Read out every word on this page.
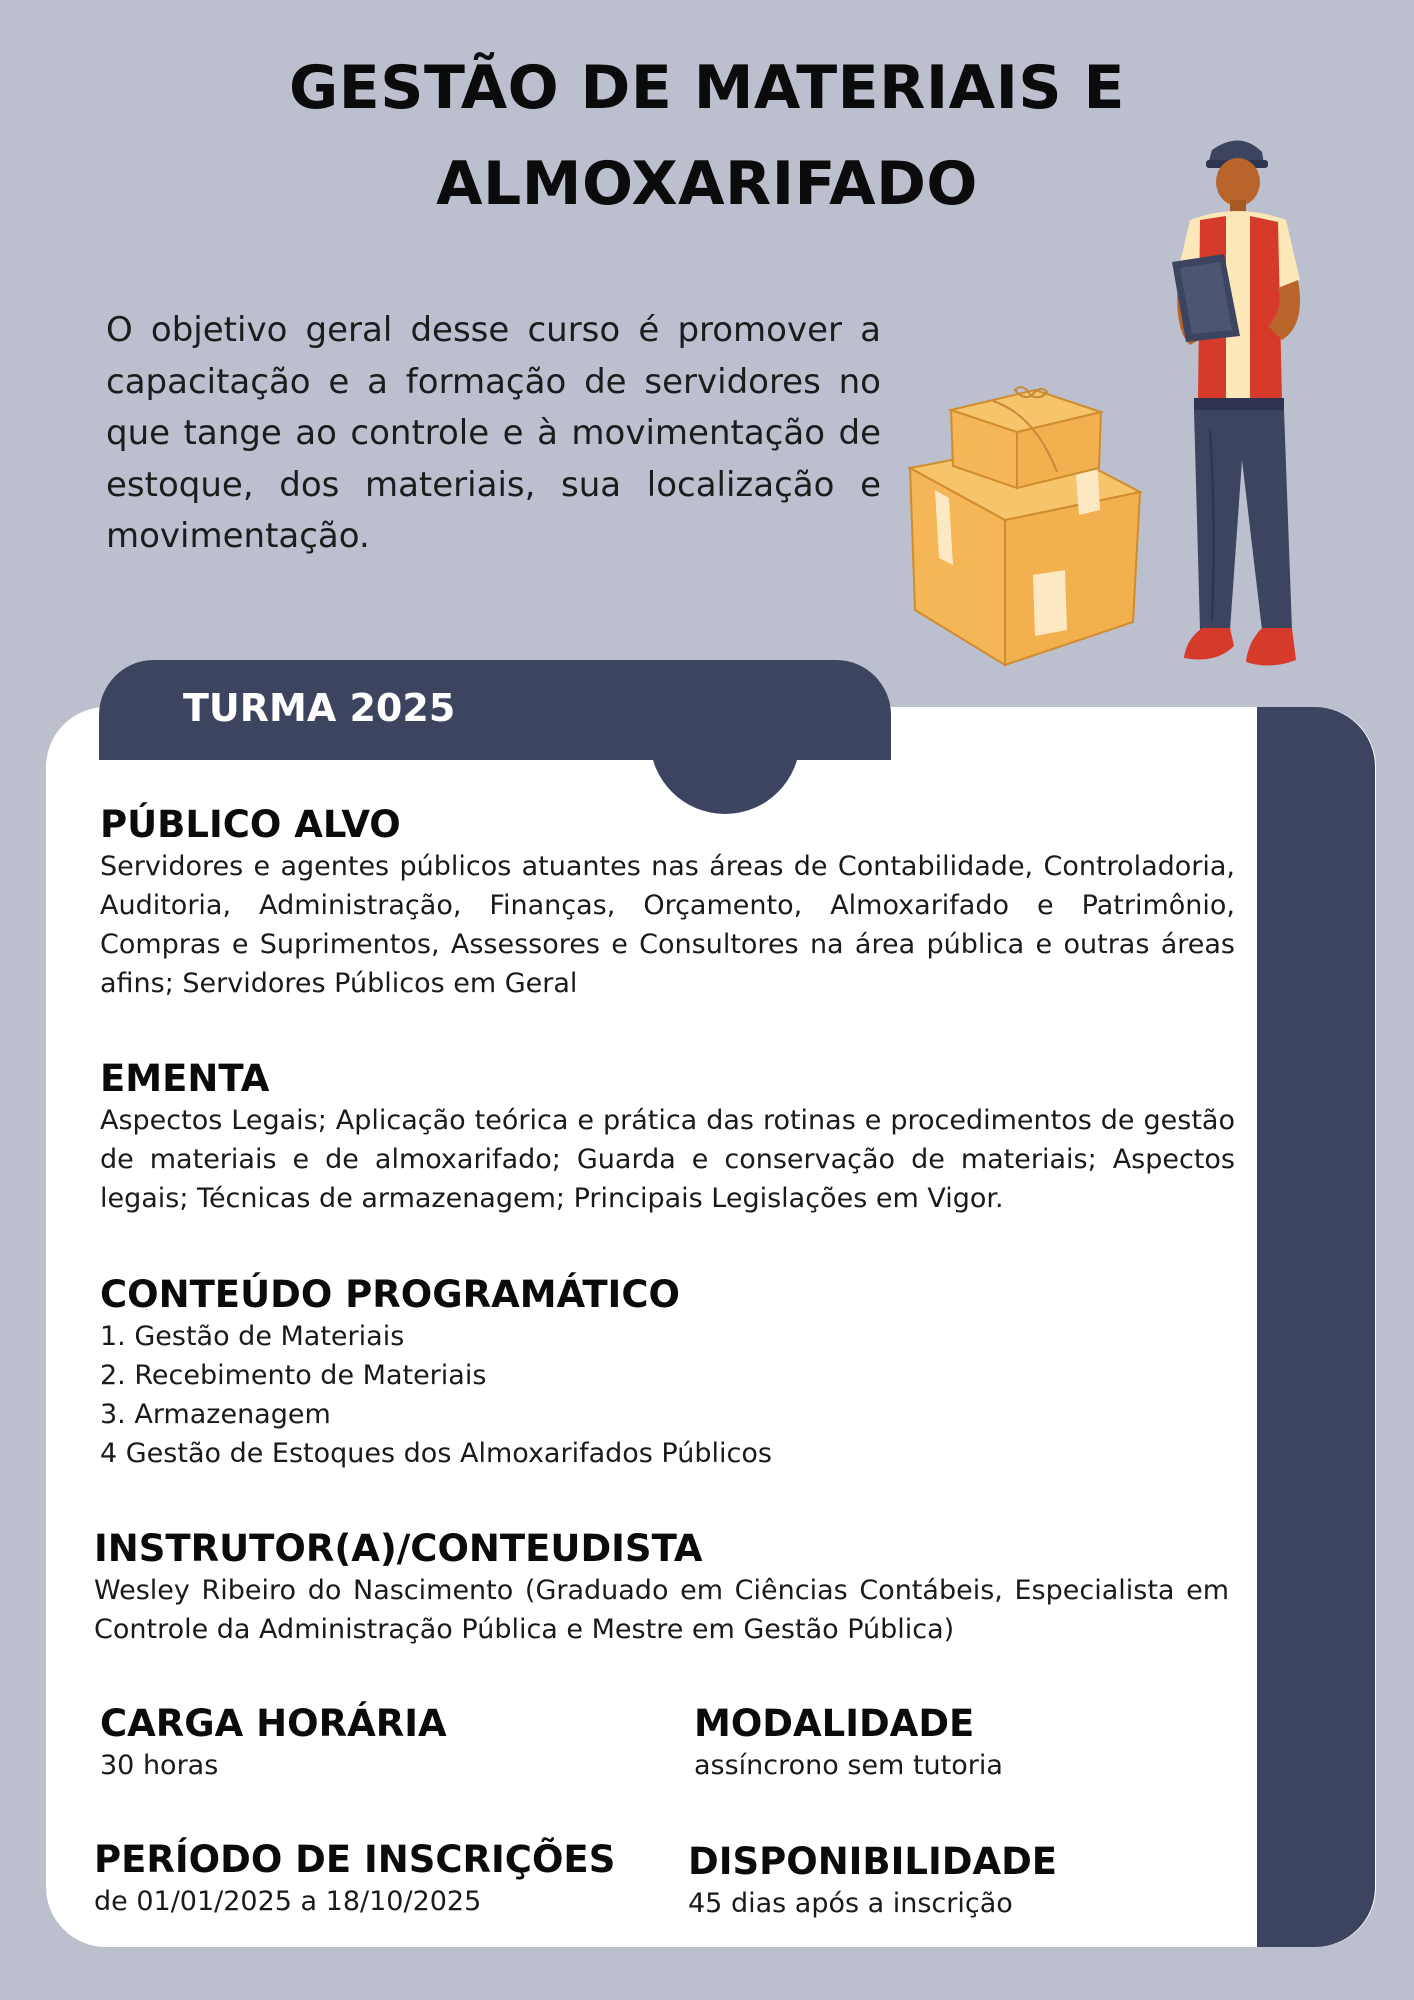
GESTÃO DE MATERIAIS E
ALMOXARIFADO
O objetivo geral desse curso é promover a capacitação e a formação de servidores no que tange ao controle e à movimentação de estoque, dos materiais, sua localização e movimentação.
TURMA 2025
PÚBLICO ALVO

Servidores e agentes públicos atuantes nas áreas de Contabilidade, Controladoria, Auditoria, Administração, Finanças, Orçamento, Almoxarifado e Patrimônio, Compras e Suprimentos, Assessores e Consultores na área pública e outras áreas afins; Servidores Públicos em Geral

EMENTA

Aspectos Legais; Aplicação teórica e prática das rotinas e procedimentos de gestão de materiais e de almoxarifado; Guarda e conservação de materiais; Aspectos legais; Técnicas de armazenagem; Principais Legislações em Vigor.

CONTEÚDO PROGRAMÁTICO
1. Gestão de Materiais
2. Recebimento de Materiais
3. Armazenagem
4 Gestão de Estoques dos Almoxarifados Públicos
INSTRUTOR(A)/CONTEUDISTA

Wesley Ribeiro do Nascimento (Graduado em Ciências Contábeis, Especialista em Controle da Administração Pública e Mestre em Gestão Pública)

CARGA HORÁRIA

30 horas

MODALIDADE

assíncrono sem tutoria

PERÍODO DE INSCRIÇÕES

de 01/01/2025 a 18/10/2025

DISPONIBILIDADE

45 dias após a inscrição
